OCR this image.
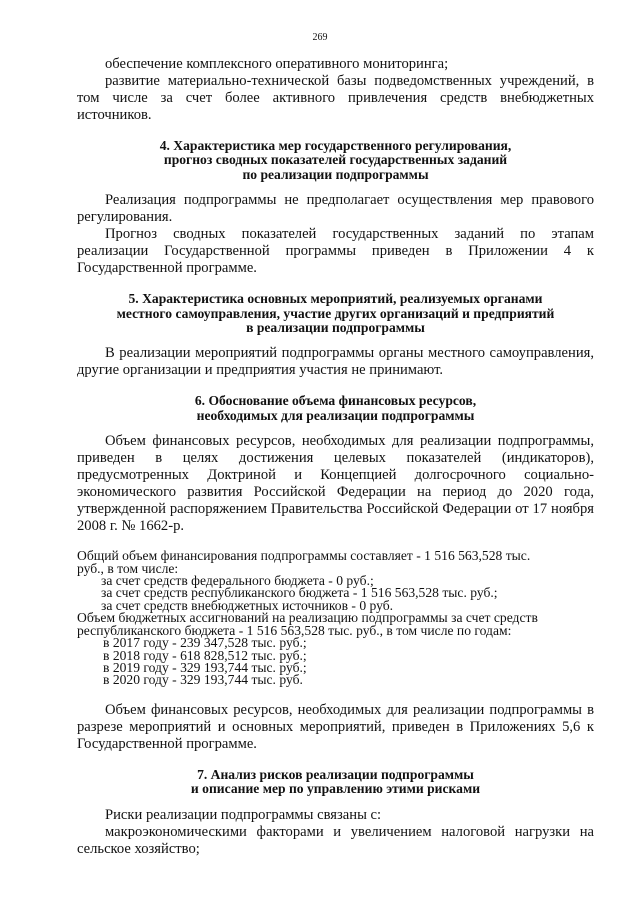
269

обеспечение комплексного оперативного мониторинга;

развитие материально-технической базы подведомственных учреждений, в том числе за счет более активного привлечения средств внебюджетных источников.

4. Характеристика мер государственного регулирования,
прогноз сводных показателей государственных заданий
по реализации подпрограммы

Реализация подпрограммы не предполагает осуществления мер правового регулирования.

Прогноз сводных показателей государственных заданий по этапам реализации Государственной программы приведен в Приложении 4 к Государственной программе.

5. Характеристика основных мероприятий, реализуемых органами
местного самоуправления, участие других организаций и предприятий
в реализации подпрограммы

В реализации мероприятий подпрограммы органы местного самоуправления, другие организации и предприятия участия не принимают.

6. Обоснование объема финансовых ресурсов,
необходимых для реализации подпрограммы

Объем финансовых ресурсов, необходимых для реализации подпрограммы, приведен в целях достижения целевых показателей (индикаторов), предусмотренных Доктриной и Концепцией долгосрочного социально-экономического развития Российской Федерации на период до 2020 года, утвержденной распоряжением Правительства Российской Федерации от 17 ноября 2008 г. № 1662-р.

Общий объем финансирования подпрограммы составляет - 1 516 563,528 тыс.
руб., в том числе:
за счет средств федерального бюджета - 0 руб.;
за счет средств республиканского бюджета - 1 516 563,528 тыс. руб.;
за счет средств внебюджетных источников - 0 руб.
Объем бюджетных ассигнований на реализацию подпрограммы за счет средств
республиканского бюджета - 1 516 563,528 тыс. руб., в том числе по годам:
в 2017 году - 239 347,528 тыс. руб.;
в 2018 году - 618 828,512 тыс. руб.;
в 2019 году - 329 193,744 тыс. руб.;
в 2020 году - 329 193,744 тыс. руб.

Объем финансовых ресурсов, необходимых для реализации подпрограммы в разрезе мероприятий и основных мероприятий, приведен в Приложениях 5,6 к Государственной программе.

7. Анализ рисков реализации подпрограммы
и описание мер по управлению этими рисками

Риски реализации подпрограммы связаны с:

макроэкономическими факторами и увеличением налоговой нагрузки на сельское хозяйство;
